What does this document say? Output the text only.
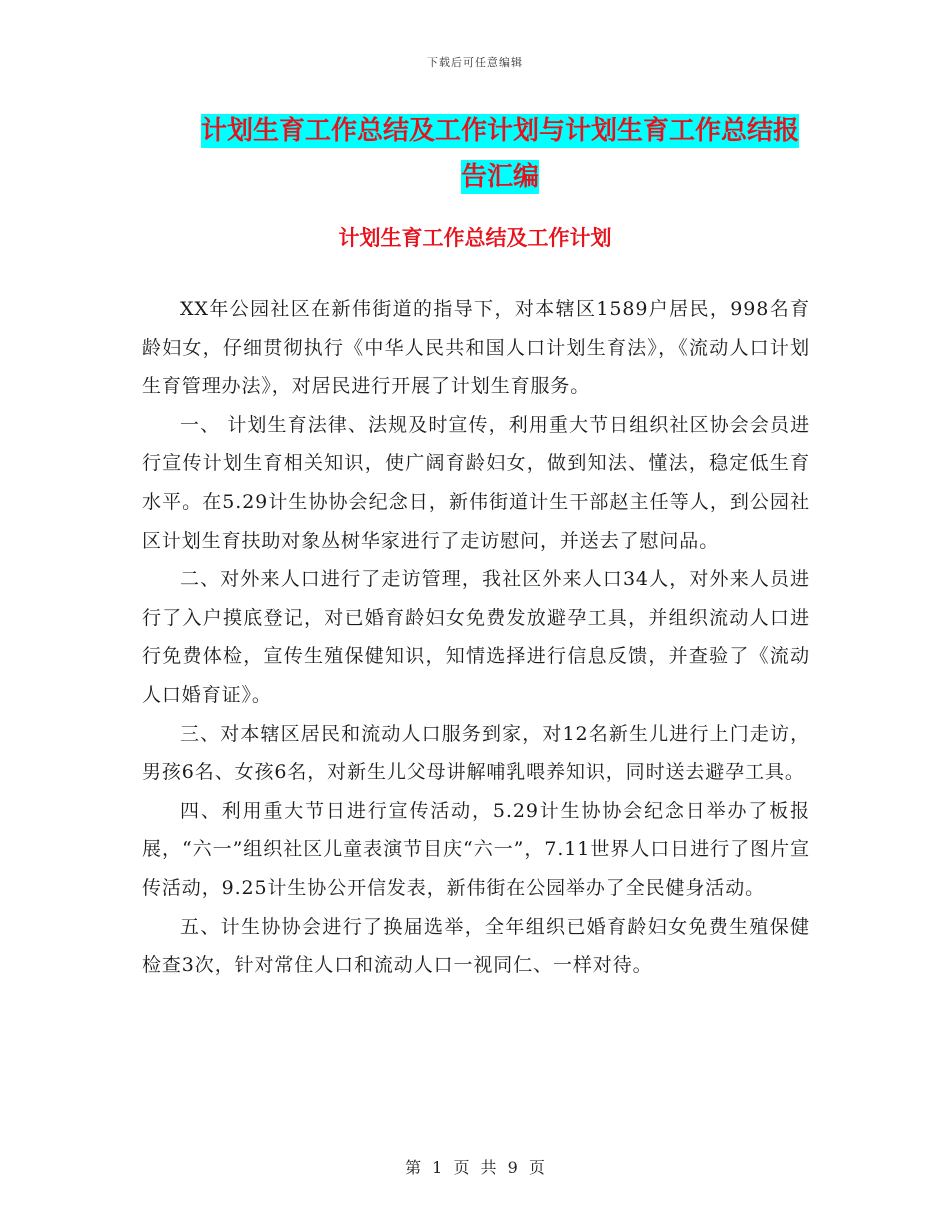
下载后可任意编辑
计划生育工作总结及工作计划与计划生育工作总结报告汇编
计划生育工作总结及工作计划

XX年公园社区在新伟街道的指导下，对本辖区1589户居民，998名育龄妇女，仔细贯彻执行《中华人民共和国人口计划生育法》，《流动人口计划生育管理办法》，对居民进行开展了计划生育服务。

一、 计划生育法律、法规及时宣传，利用重大节日组织社区协会会员进行宣传计划生育相关知识，使广阔育龄妇女，做到知法、懂法，稳定低生育水平。在5.29计生协协会纪念日，新伟街道计生干部赵主任等人，到公园社区计划生育扶助对象丛树华家进行了走访慰问，并送去了慰问品。

二、对外来人口进行了走访管理，我社区外来人口34人，对外来人员进行了入户摸底登记，对已婚育龄妇女免费发放避孕工具，并组织流动人口进行免费体检，宣传生殖保健知识，知情选择进行信息反馈，并查验了《流动人口婚育证》。

三、对本辖区居民和流动人口服务到家，对12名新生儿进行上门走访，男孩6名、女孩6名，对新生儿父母讲解哺乳喂养知识，同时送去避孕工具。

四、利用重大节日进行宣传活动，5.29计生协协会纪念日举办了板报展，“六一”组织社区儿童表演节目庆“六一”，7.11世界人口日进行了图片宣传活动，9.25计生协公开信发表，新伟街在公园举办了全民健身活动。

五、计生协协会进行了换届选举，全年组织已婚育龄妇女免费生殖保健检查3次，针对常住人口和流动人口一视同仁、一样对待。

第 1 页 共 9 页
